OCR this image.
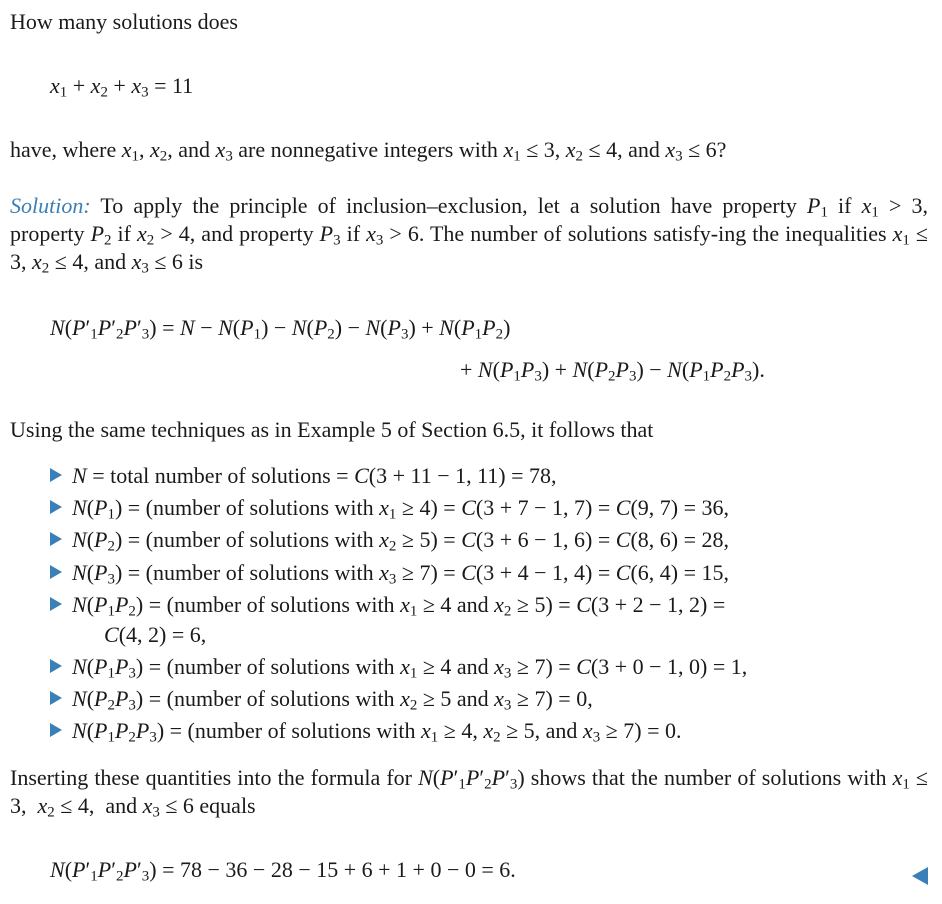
How many solutions does
$x_1 + x_2 + x_3 = 11$
have, where $x_1$, $x_2$, and $x_3$ are nonnegative integers with $x_1 \le 3$, $x_2 \le 4$, and $x_3 \le 6$?
Solution: To apply the principle of inclusion–exclusion, let a solution have property $P_1$ if $x_1 > 3$, property $P_2$ if $x_2 > 4$, and property $P_3$ if $x_3 > 6$. The number of solutions satisfy-ing the inequalities $x_1 \le 3$, $x_2 \le 4$, and $x_3 \le 6$ is
$N(P'_1P'_2P'_3) = N - N(P_1) - N(P_2) - N(P_3) + N(P_1P_2)$
+ $N(P_1P_3) + N(P_2P_3) - N(P_1P_2P_3)$.
Using the same techniques as in Example 5 of Section 6.5, it follows that
N = total number of solutions = C(3 + 11 − 1, 11) = 78,
$N(P_1)$ = (number of solutions with $x_1 \ge 4) = C(3 + 7 - 1$, 7) = C(9, 7) = 36,
$N(P_2)$ = (number of solutions with $x_2 \ge 5) = C(3 + 6 - 1$, 6) = C(8, 6) = 28,
$N(P_3)$ = (number of solutions with $x_3 \ge 7) = C(3 + 4 - 1$, 4) = C(6, 4) = 15,
$N(P_1P_2)$ = (number of solutions with $x_1 \ge 4$ and $x_2 \ge 5) = C(3 + 2 - 1$, 2) =
C(4, 2) = 6,
$N(P_1P_3)$ = (number of solutions with $x_1 \ge 4$ and $x_3 \ge 7) = C(3 + 0 - 1$, 0) = 1,
$N(P_2P_3)$ = (number of solutions with $x_2 \ge 5$ and $x_3 \ge 7) = 0$,
$N(P_1P_2P_3)$ = (number of solutions with $x_1 \ge 4$, $x_2 \ge 5$, and $x_3 \ge 7) = 0$.
Inserting these quantities into the formula for $N(P'_1P'_2P'_3)$ shows that the number of solutions with $x_1 \le 3$,  $x_2 \le 4$,  and $x_3 \le 6$ equals
$N(P'_1P'_2P'_3) = 78 - 36 - 28 - 15 + 6 + 1 + 0 - 0 = 6$.
